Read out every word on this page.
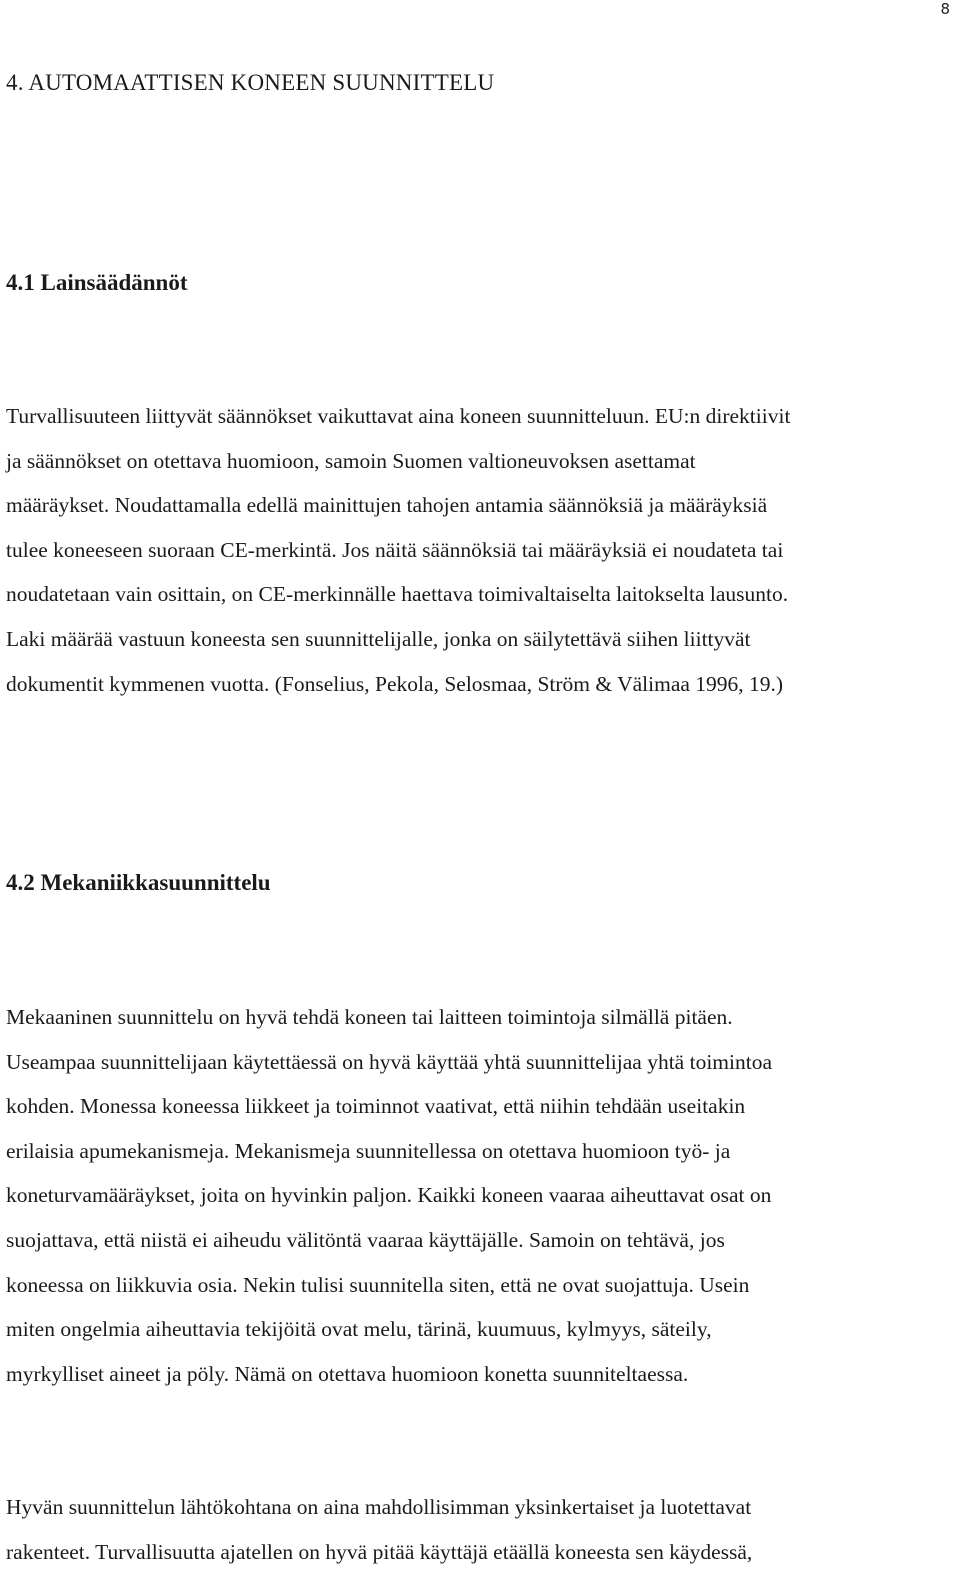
8
4. AUTOMAATTISEN KONEEN SUUNNITTELU
4.1 Lainsäädännöt

Turvallisuuteen liittyvät säännökset vaikuttavat aina koneen suunnitteluun. EU:n direktiivit
ja säännökset on otettava huomioon, samoin Suomen valtioneuvoksen asettamat
määräykset. Noudattamalla edellä mainittujen tahojen antamia säännöksiä ja määräyksiä
tulee koneeseen suoraan CE-merkintä. Jos näitä säännöksiä tai määräyksiä ei noudateta tai
noudatetaan vain osittain, on CE-merkinnälle haettava toimivaltaiselta laitokselta lausunto.
Laki määrää vastuun koneesta sen suunnittelijalle, jonka on säilytettävä siihen liittyvät
dokumentit kymmenen vuotta. (Fonselius, Pekola, Selosmaa, Ström & Välimaa 1996, 19.)

4.2 Mekaniikkasuunnittelu

Mekaaninen suunnittelu on hyvä tehdä koneen tai laitteen toimintoja silmällä pitäen.
Useampaa suunnittelijaan käytettäessä on hyvä käyttää yhtä suunnittelijaa yhtä toimintoa
kohden. Monessa koneessa liikkeet ja toiminnot vaativat, että niihin tehdään useitakin
erilaisia apumekanismeja. Mekanismeja suunnitellessa on otettava huomioon työ- ja
koneturvamääräykset, joita on hyvinkin paljon. Kaikki koneen vaaraa aiheuttavat osat on
suojattava, että niistä ei aiheudu välitöntä vaaraa käyttäjälle. Samoin on tehtävä, jos
koneessa on liikkuvia osia. Nekin tulisi suunnitella siten, että ne ovat suojattuja. Usein
miten ongelmia aiheuttavia tekijöitä ovat melu, tärinä, kuumuus, kylmyys, säteily,
myrkylliset aineet ja pöly. Nämä on otettava huomioon konetta suunniteltaessa.

Hyvän suunnittelun lähtökohtana on aina mahdollisimman yksinkertaiset ja luotettavat
rakenteet. Turvallisuutta ajatellen on hyvä pitää käyttäjä etäällä koneesta sen käydessä,
